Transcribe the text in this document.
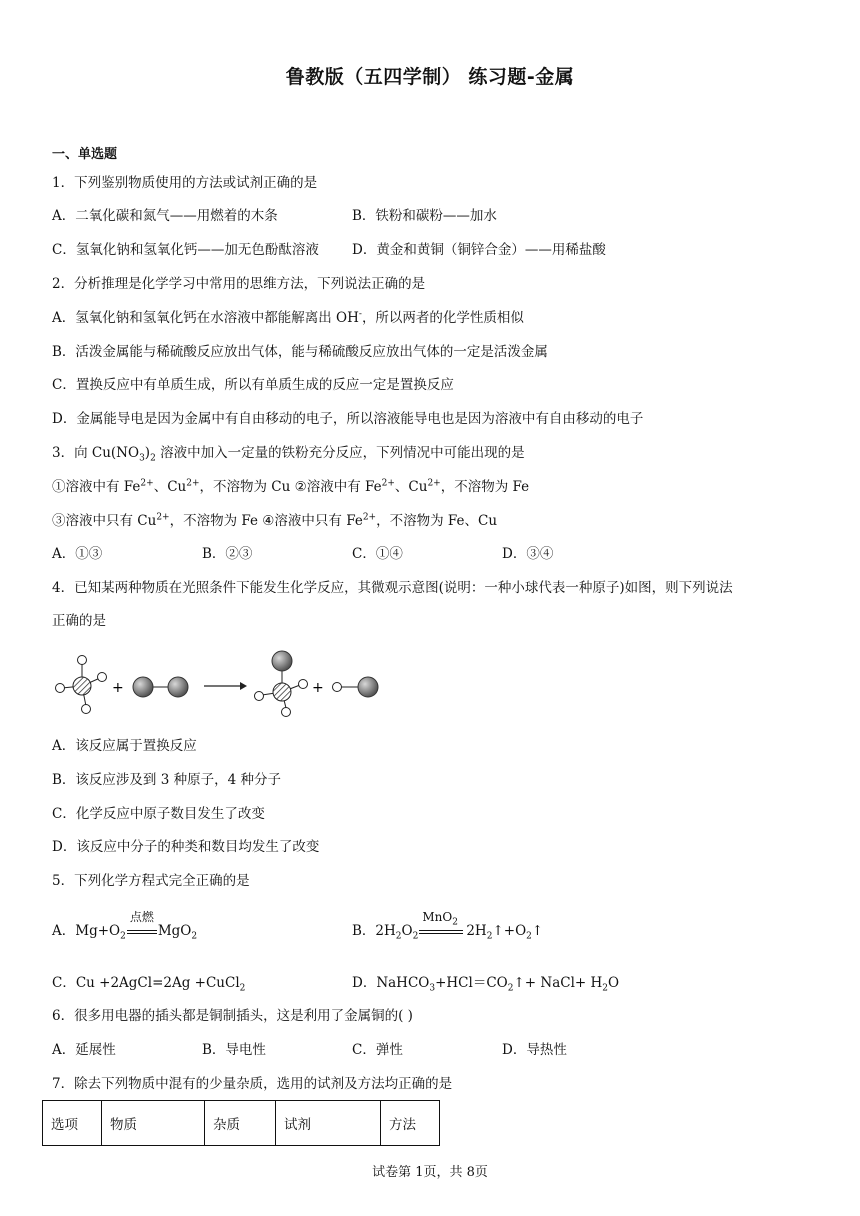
鲁教版（五四学制） 练习题-金属
一、单选题
1．下列鉴别物质使用的方法或试剂正确的是
A．二氧化碳和氮气——用燃着的木条	B．铁粉和碳粉——加水
C．氢氧化钠和氢氧化钙——加无色酚酞溶液 D．黄金和黄铜（铜锌合金）——用稀盐酸
2．分析推理是化学学习中常用的思维方法，下列说法正确的是
A．氢氧化钠和氢氧化钙在水溶液中都能解离出 OH-，所以两者的化学性质相似
B．活泼金属能与稀硫酸反应放出气体，能与稀硫酸反应放出气体的一定是活泼金属
C．置换反应中有单质生成，所以有单质生成的反应一定是置换反应
D．金属能导电是因为金属中有自由移动的电子，所以溶液能导电也是因为溶液中有自由移动的电子
3．向 $Cu(NO_3)_2$ 溶液中加入一定量的铁粉充分反应，下列情况中可能出现的是
①溶液中有 $Fe^{2+}$、$Cu^{2+}$，不溶物为 Cu ②溶液中有 $Fe^{2+}$、$Cu^{2+}$，不溶物为 Fe
③溶液中只有 $Cu^{2+}$，不溶物为 Fe ④溶液中只有 $Fe^{2+}$，不溶物为 Fe、Cu
A．①③	B．②③	C．①④	D．③④
4．已知某两种物质在光照条件下能发生化学反应，其微观示意图(说明：一种小球代表一种原子)如图，则下列说法
正确的是
+	+
A．该反应属于置换反应
B．该反应涉及到 3 种原子，4 种分子
C．化学反应中原子数目发生了改变
D．该反应中分子的种类和数目均发生了改变
5．下列化学方程式完全正确的是
A．$Mg+O_2$
点燃
MgO$_2$	B．$2H_2O_2$
MnO$_2$
$2H_2↑+O_2↑$
C．Cu +2AgCl=2Ag +CuCl$_2$	D．$NaHCO_3+HCl=CO_2↑+$ NaCl+ $H_2O$
6．很多用电器的插头都是铜制插头，这是利用了金属铜的( )
A．延展性	B．导电性	C．弹性	D．导热性
7．除去下列物质中混有的少量杂质，选用的试剂及方法均正确的是
选项	物质	杂质	试剂	方法
试卷第 1页，共 8页
